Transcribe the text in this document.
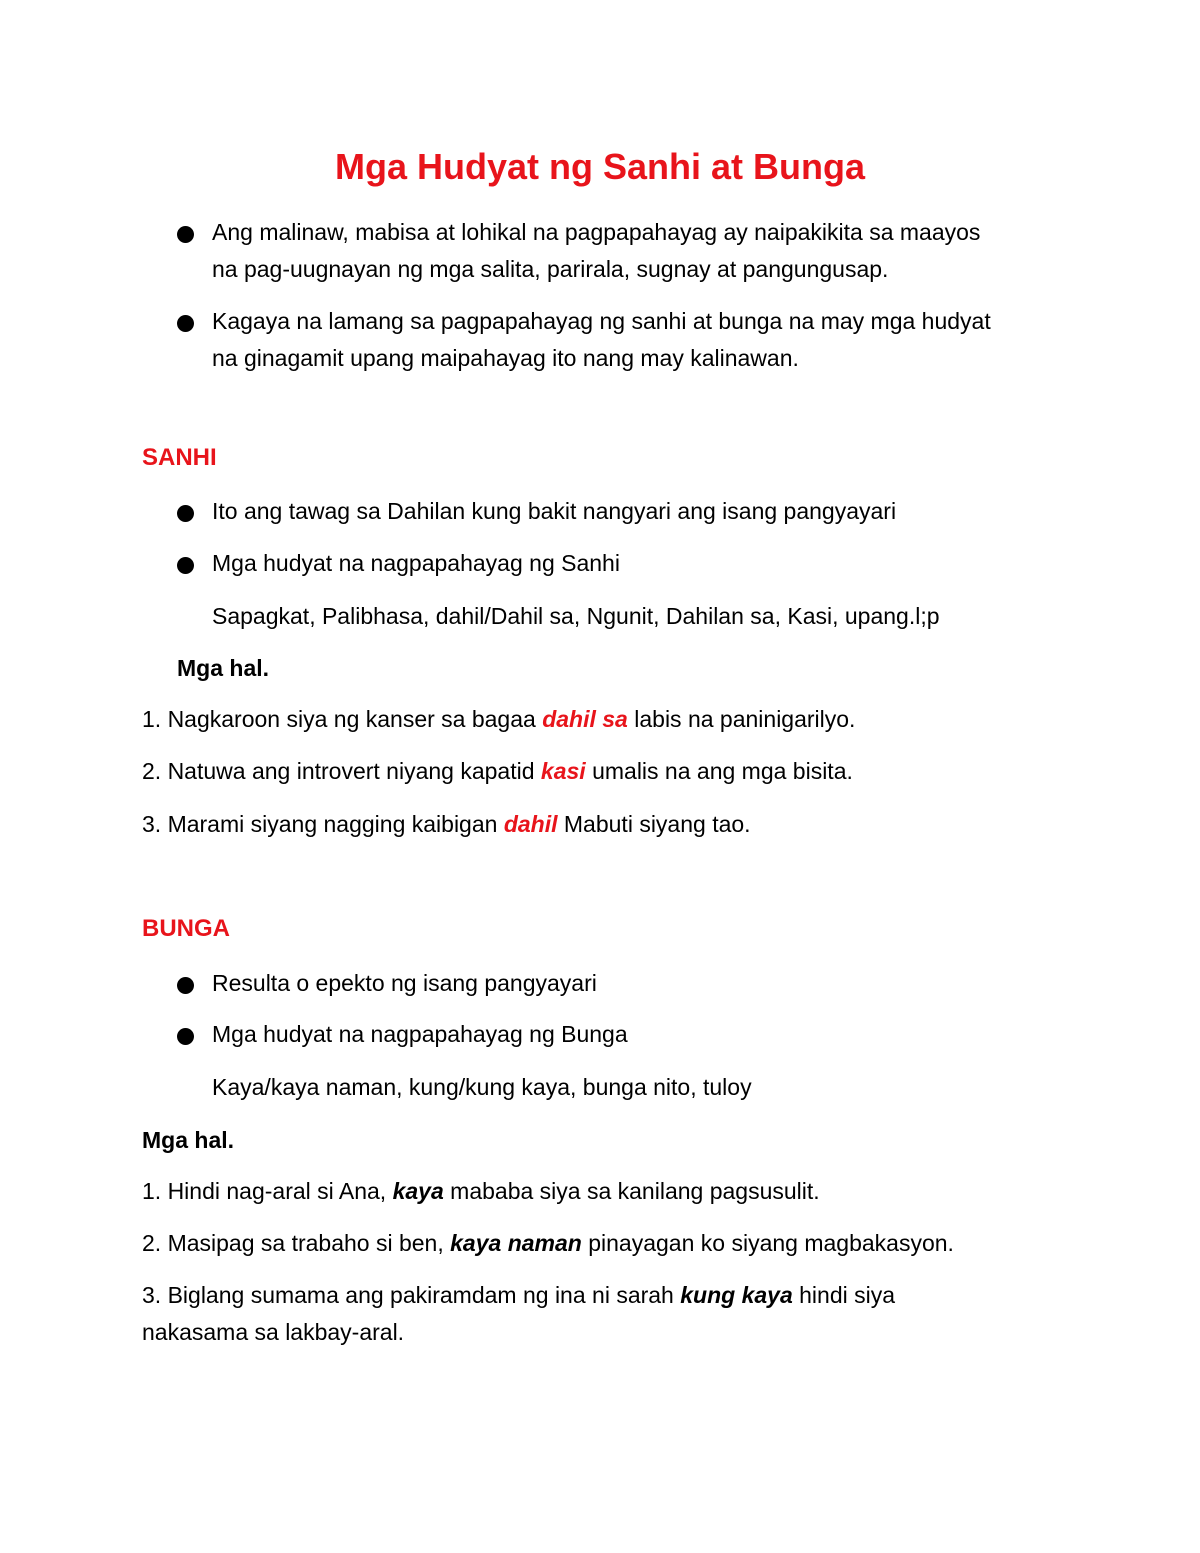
Mga Hudyat ng Sanhi at Bunga
Ang malinaw, mabisa at lohikal na pagpapahayag ay naipakikita sa maayos
na pag-uugnayan ng mga salita, parirala, sugnay at pangungusap.
Kagaya na lamang sa pagpapahayag ng sanhi at bunga na may mga hudyat
na ginagamit upang maipahayag ito nang may kalinawan.
SANHI
Ito ang tawag sa Dahilan kung bakit nangyari ang isang pangyayari
Mga hudyat na nagpapahayag ng Sanhi
Sapagkat, Palibhasa, dahil/Dahil sa, Ngunit, Dahilan sa, Kasi, upang.l;p
Mga hal.
1. Nagkaroon siya ng kanser sa bagaa dahil sa labis na paninigarilyo.
2. Natuwa ang introvert niyang kapatid kasi umalis na ang mga bisita.
3. Marami siyang nagging kaibigan dahil Mabuti siyang tao.
BUNGA
Resulta o epekto ng isang pangyayari
Mga hudyat na nagpapahayag ng Bunga
Kaya/kaya naman, kung/kung kaya, bunga nito, tuloy
Mga hal.
1. Hindi nag-aral si Ana, kaya mababa siya sa kanilang pagsusulit.
2. Masipag sa trabaho si ben, kaya naman pinayagan ko siyang magbakasyon.
3. Biglang sumama ang pakiramdam ng ina ni sarah kung kaya hindi siya
nakasama sa lakbay-aral.
